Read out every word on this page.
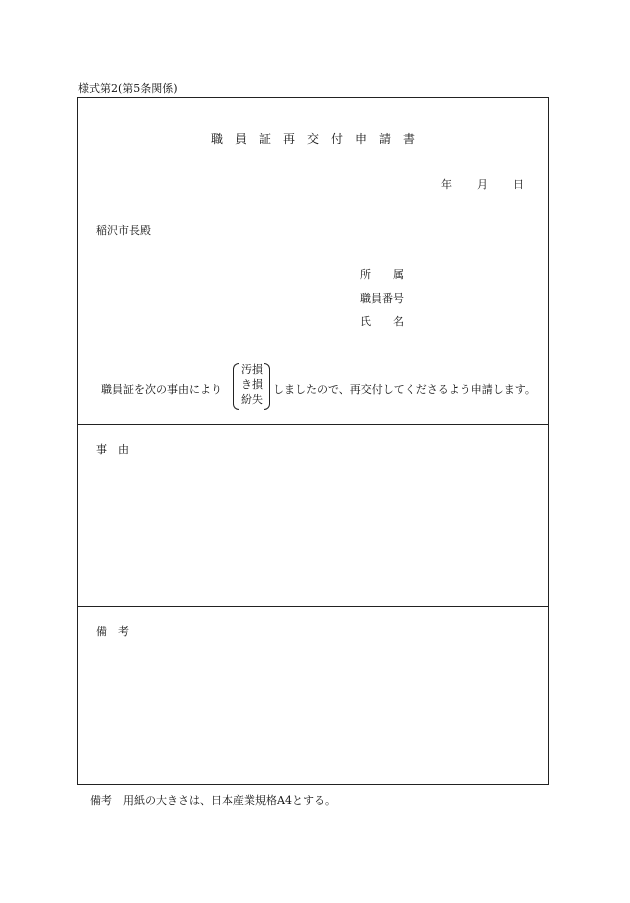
様式第2(第5条関係)
職員証再交付申請書
年 月 日
稲沢市長殿
所　　属
職員番号
氏　　名
職員証を次の事由により
汚損
き損
紛失
しましたので、再交付してくださるよう申請します。
事　由
備　考
備考　用紙の大きさは、日本産業規格A4とする。
